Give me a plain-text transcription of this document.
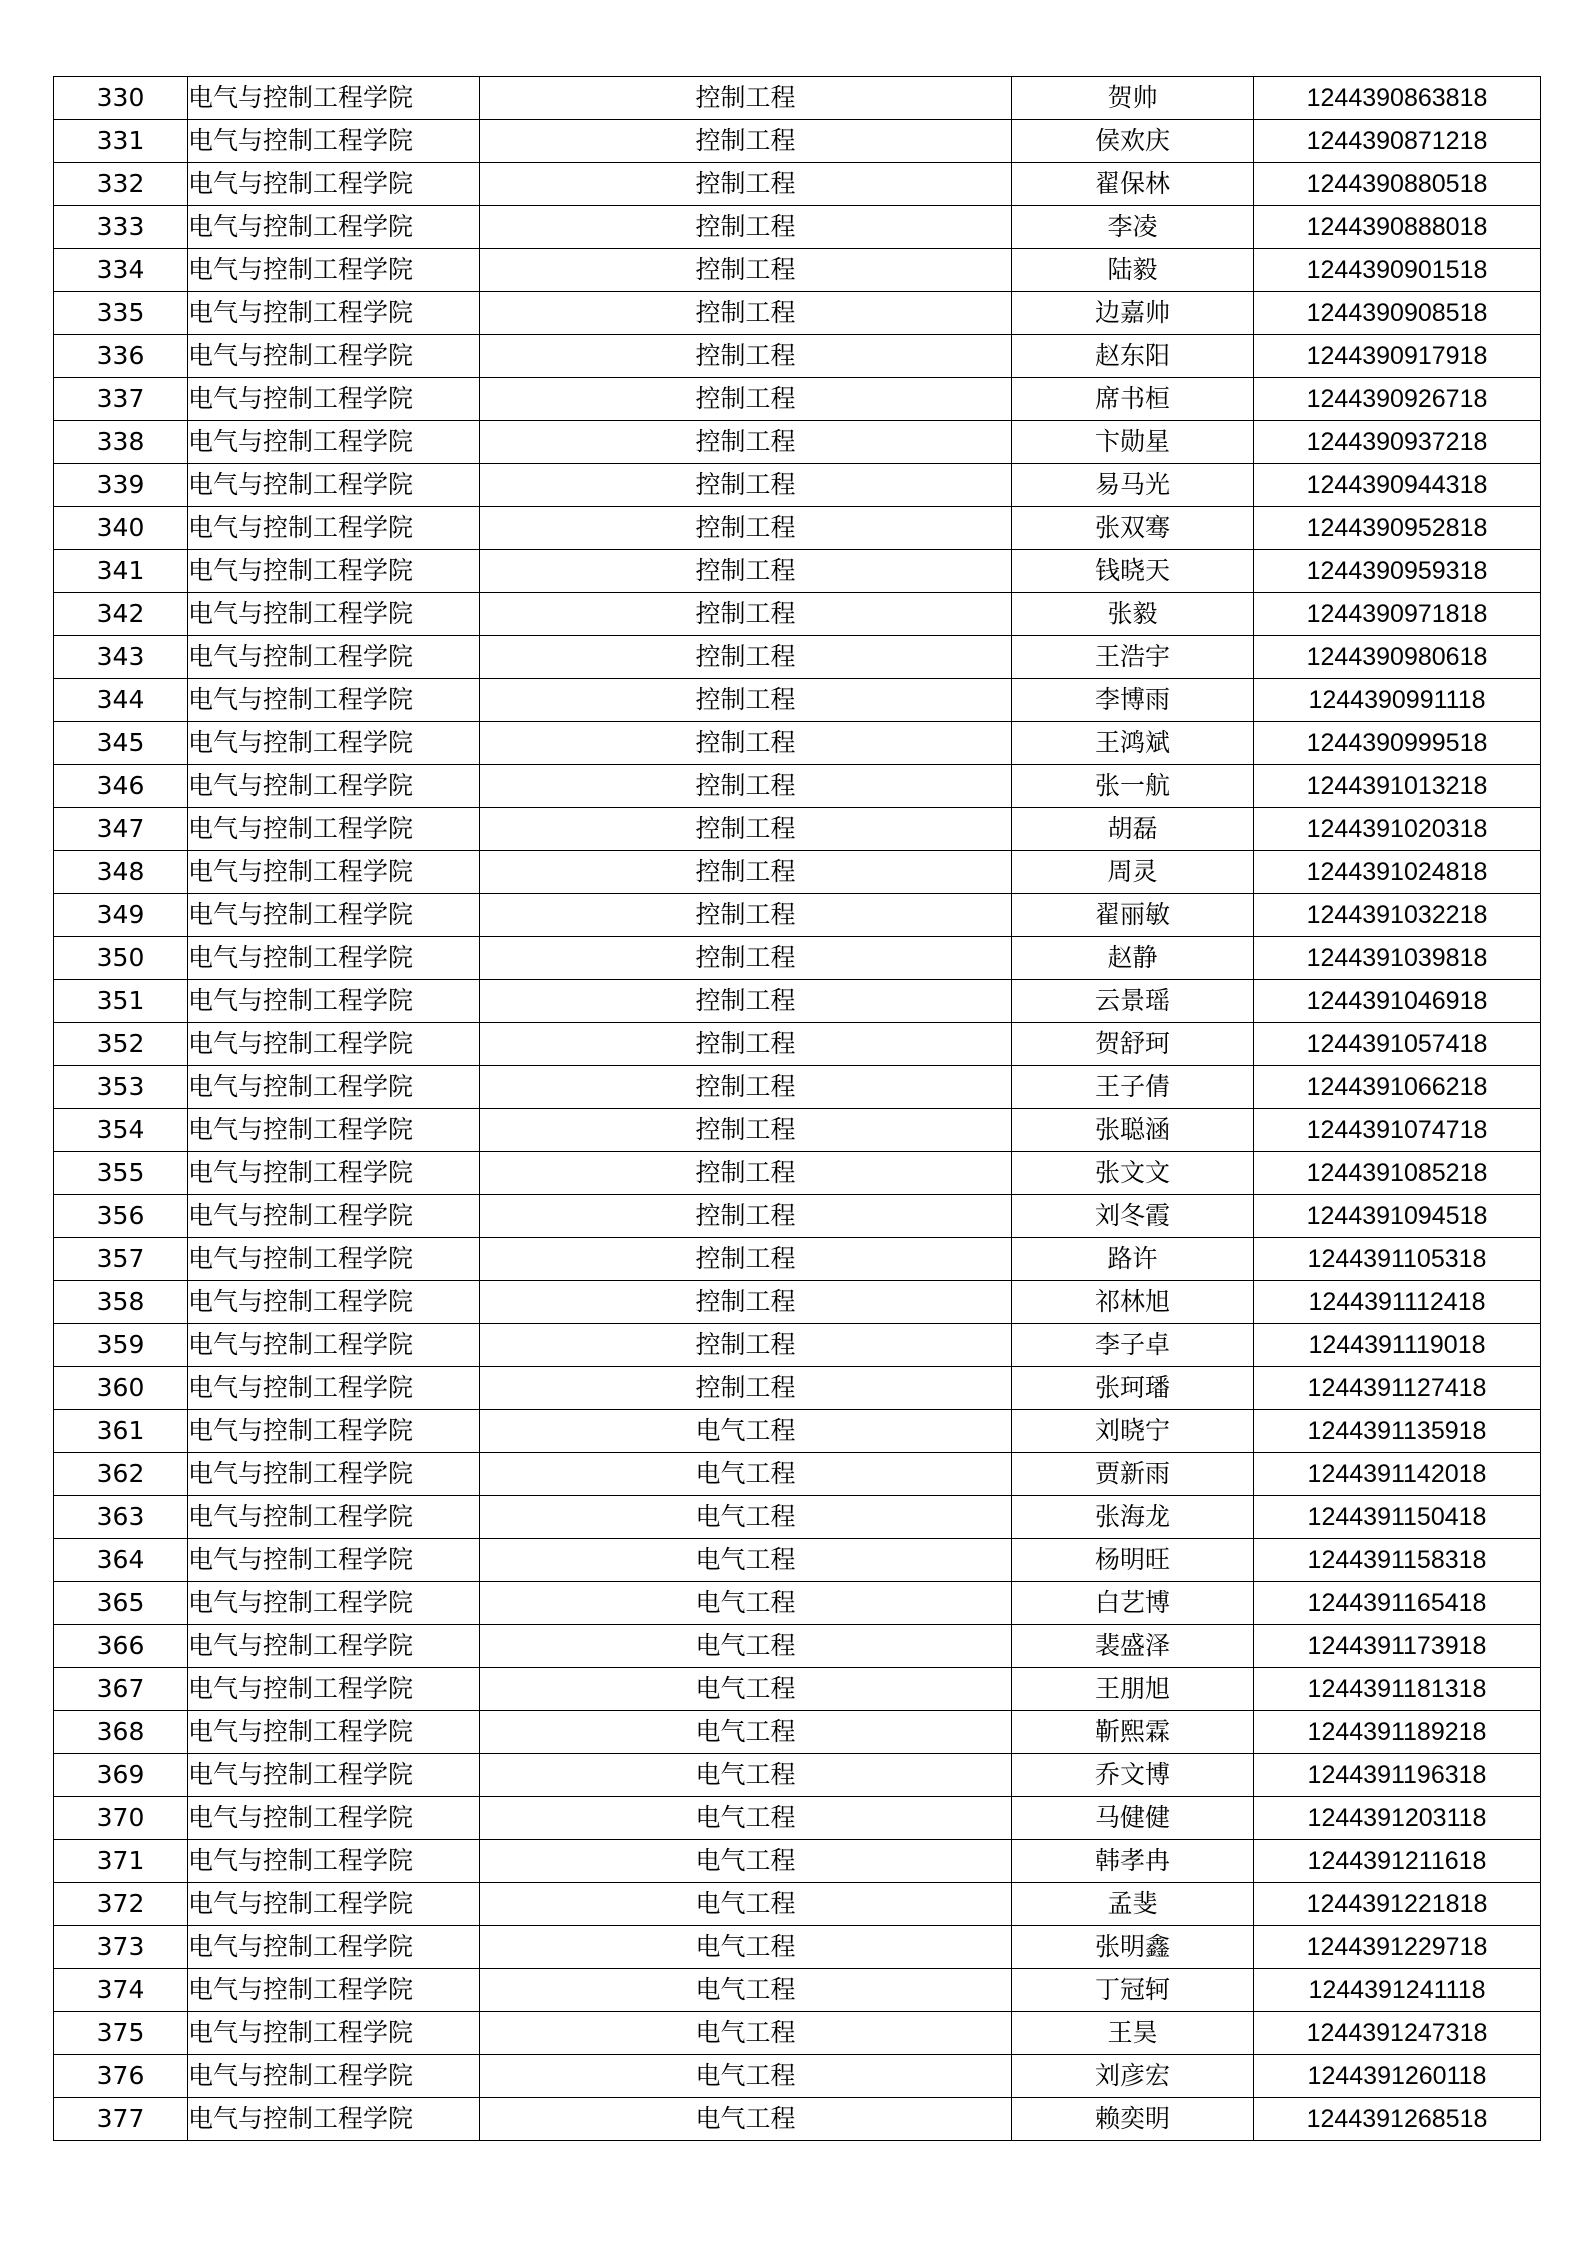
330	电气与控制工程学院	控制工程	贺帅	1244390863818
331	电气与控制工程学院	控制工程	侯欢庆	1244390871218
332	电气与控制工程学院	控制工程	翟保林	1244390880518
333	电气与控制工程学院	控制工程	李凌	1244390888018
334	电气与控制工程学院	控制工程	陆毅	1244390901518
335	电气与控制工程学院	控制工程	边嘉帅	1244390908518
336	电气与控制工程学院	控制工程	赵东阳	1244390917918
337	电气与控制工程学院	控制工程	席书桓	1244390926718
338	电气与控制工程学院	控制工程	卞勋星	1244390937218
339	电气与控制工程学院	控制工程	易马光	1244390944318
340	电气与控制工程学院	控制工程	张双骞	1244390952818
341	电气与控制工程学院	控制工程	钱晓天	1244390959318
342	电气与控制工程学院	控制工程	张毅	1244390971818
343	电气与控制工程学院	控制工程	王浩宇	1244390980618
344	电气与控制工程学院	控制工程	李博雨	1244390991118
345	电气与控制工程学院	控制工程	王鸿斌	1244390999518
346	电气与控制工程学院	控制工程	张一航	1244391013218
347	电气与控制工程学院	控制工程	胡磊	1244391020318
348	电气与控制工程学院	控制工程	周灵	1244391024818
349	电气与控制工程学院	控制工程	翟丽敏	1244391032218
350	电气与控制工程学院	控制工程	赵静	1244391039818
351	电气与控制工程学院	控制工程	云景瑶	1244391046918
352	电气与控制工程学院	控制工程	贺舒珂	1244391057418
353	电气与控制工程学院	控制工程	王子倩	1244391066218
354	电气与控制工程学院	控制工程	张聪涵	1244391074718
355	电气与控制工程学院	控制工程	张文文	1244391085218
356	电气与控制工程学院	控制工程	刘冬霞	1244391094518
357	电气与控制工程学院	控制工程	路许	1244391105318
358	电气与控制工程学院	控制工程	祁林旭	1244391112418
359	电气与控制工程学院	控制工程	李子卓	1244391119018
360	电气与控制工程学院	控制工程	张珂璠	1244391127418
361	电气与控制工程学院	电气工程	刘晓宁	1244391135918
362	电气与控制工程学院	电气工程	贾新雨	1244391142018
363	电气与控制工程学院	电气工程	张海龙	1244391150418
364	电气与控制工程学院	电气工程	杨明旺	1244391158318
365	电气与控制工程学院	电气工程	白艺博	1244391165418
366	电气与控制工程学院	电气工程	裴盛泽	1244391173918
367	电气与控制工程学院	电气工程	王朋旭	1244391181318
368	电气与控制工程学院	电气工程	靳熙霖	1244391189218
369	电气与控制工程学院	电气工程	乔文博	1244391196318
370	电气与控制工程学院	电气工程	马健健	1244391203118
371	电气与控制工程学院	电气工程	韩孝冉	1244391211618
372	电气与控制工程学院	电气工程	孟斐	1244391221818
373	电气与控制工程学院	电气工程	张明鑫	1244391229718
374	电气与控制工程学院	电气工程	丁冠轲	1244391241118
375	电气与控制工程学院	电气工程	王昊	1244391247318
376	电气与控制工程学院	电气工程	刘彦宏	1244391260118
377	电气与控制工程学院	电气工程	赖奕明	1244391268518
